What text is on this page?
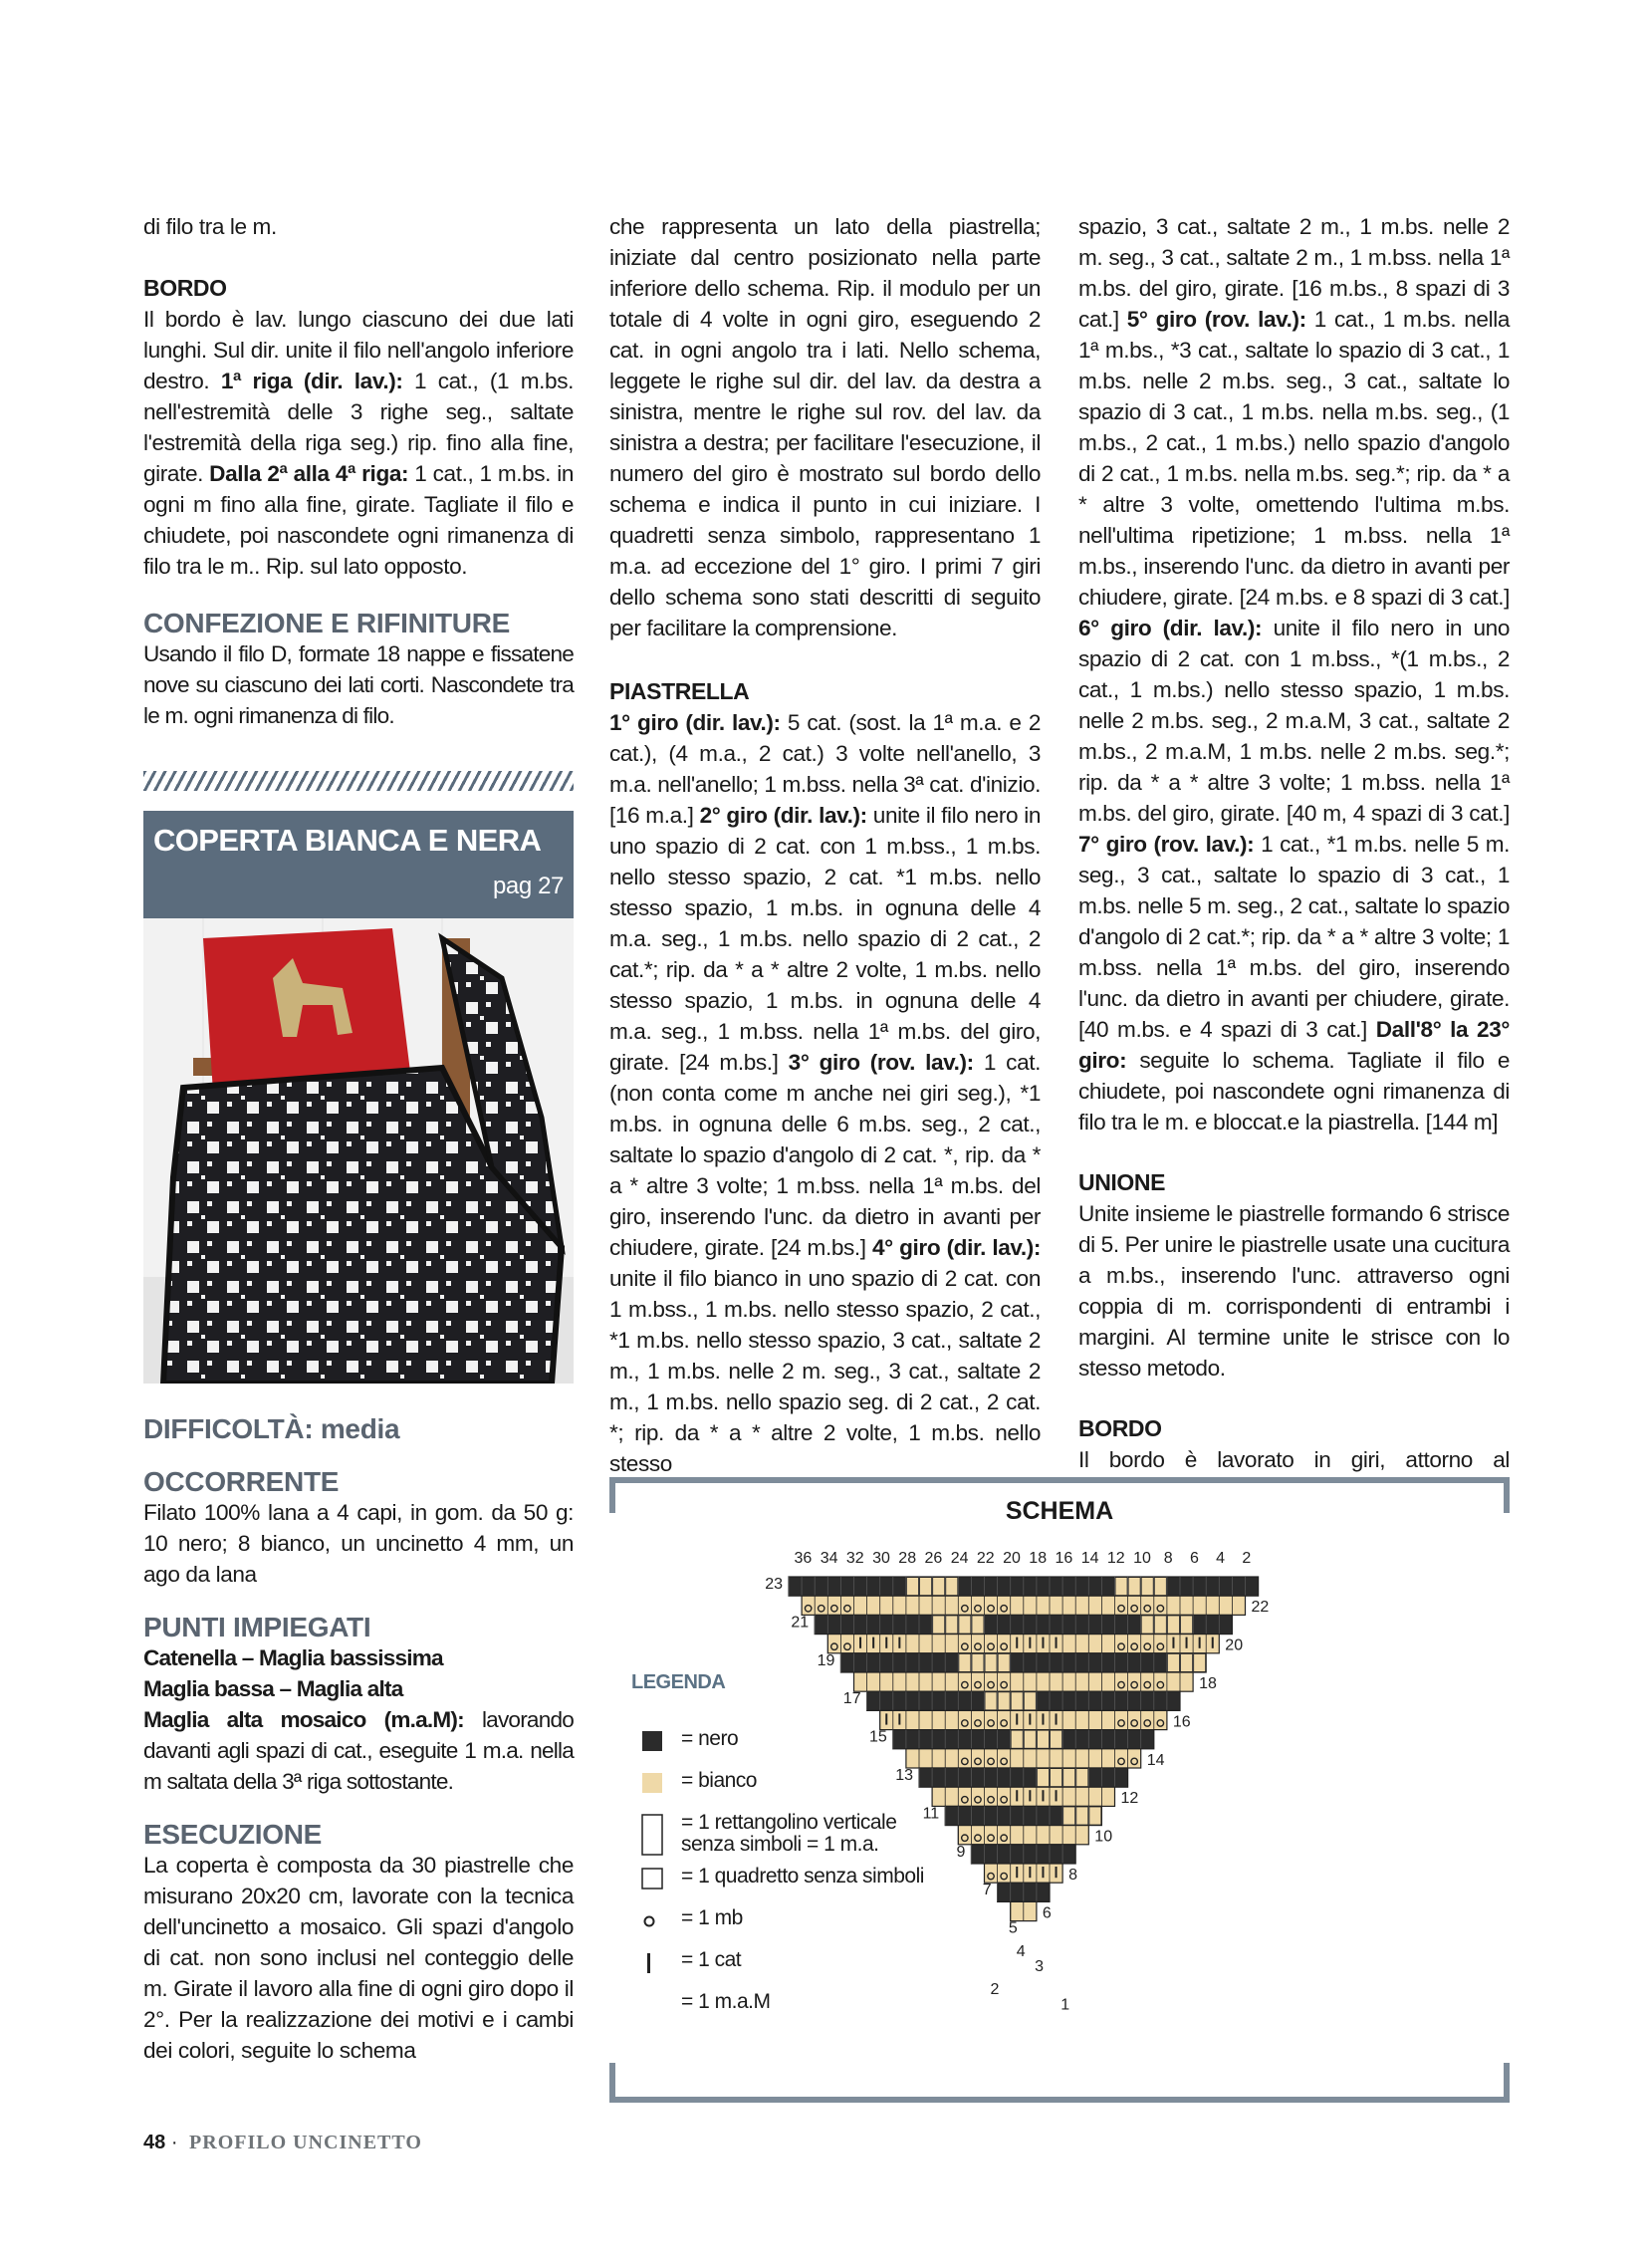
di filo tra le m.

BORDO

Il bordo è lav. lungo ciascuno dei due lati lunghi. Sul dir. unite il filo nell'angolo inferiore destro. 1ª riga (dir. lav.): 1 cat., (1 m.bs. nell'estremità delle 3 righe seg., saltate l'estremità della riga seg.) rip. fino alla fine, girate. Dalla 2ª alla 4ª riga: 1 cat., 1 m.bs. in ogni m fino alla fine, girate. Tagliate il filo e chiudete, poi nascondete ogni rimanenza di filo tra le m.. Rip. sul lato opposto.

CONFEZIONE E RIFINITURE

Usando il filo D, formate 18 nappe e fissatene nove su ciascuno dei lati corti. Nascondete tra le m. ogni rimanenza di filo.

COPERTA BIANCA E NERA
pag 27

DIFFICOLTÀ: media

OCCORRENTE

Filato 100% lana a 4 capi, in gom. da 50 g: 10 nero; 8 bianco, un uncinetto 4 mm, un ago da lana

PUNTI IMPIEGATI

Catenella – Maglia bassissima

Maglia bassa – Maglia alta

Maglia alta mosaico (m.a.M): lavorando davanti agli spazi di cat., eseguite 1 m.a. nella m saltata della 3ª riga sottostante.

ESECUZIONE

La coperta è composta da 30 piastrelle che misurano 20x20 cm, lavorate con la tecnica dell'uncinetto a mosaico. Gli spazi d'angolo di cat. non sono inclusi nel conteggio delle m. Girate il lavoro alla fine di ogni giro dopo il 2°. Per la realizzazione dei motivi e i cambi dei colori, seguite lo schema

che rappresenta un lato della piastrella; iniziate dal centro posizionato nella parte inferiore dello schema. Rip. il modulo per un totale di 4 volte in ogni giro, eseguendo 2 cat. in ogni angolo tra i lati. Nello schema, leggete le righe sul dir. del lav. da destra a sinistra, mentre le righe sul rov. del lav. da sinistra a destra; per facilitare l'esecuzione, il numero del giro è mostrato sul bordo dello schema e indica il punto in cui iniziare. I quadretti senza simbolo, rappresentano 1 m.a. ad eccezione del 1° giro. I primi 7 giri dello schema sono stati descritti di seguito per facilitare la comprensione.

PIASTRELLA

1° giro (dir. lav.): 5 cat. (sost. la 1ª m.a. e 2 cat.), (4 m.a., 2 cat.) 3 volte nell'anello, 3 m.a. nell'anello; 1 m.bss. nella 3ª cat. d'inizio. [16 m.a.] 2° giro (dir. lav.): unite il filo nero in uno spazio di 2 cat. con 1 m.bss., 1 m.bs. nello stesso spazio, 2 cat. *1 m.bs. nello stesso spazio, 1 m.bs. in ognuna delle 4 m.a. seg., 1 m.bs. nello spazio di 2 cat., 2 cat.*; rip. da * a * altre 2 volte, 1 m.bs. nello stesso spazio, 1 m.bs. in ognuna delle 4 m.a. seg., 1 m.bss. nella 1ª m.bs. del giro, girate. [24 m.bs.] 3° giro (rov. lav.): 1 cat. (non conta come m anche nei giri seg.), *1 m.bs. in ognuna delle 6 m.bs. seg., 2 cat., saltate lo spazio d'angolo di 2 cat. *, rip. da * a * altre 3 volte; 1 m.bss. nella 1ª m.bs. del giro, inserendo l'unc. da dietro in avanti per chiudere, girate. [24 m.bs.] 4° giro (dir. lav.): unite il filo bianco in uno spazio di 2 cat. con 1 m.bss., 1 m.bs. nello stesso spazio, 2 cat., *1 m.bs. nello stesso spazio, 3 cat., saltate 2 m., 1 m.bs. nelle 2 m. seg., 3 cat., saltate 2 m., 1 m.bs. nello spazio seg. di 2 cat., 2 cat. *; rip. da * a * altre 2 volte, 1 m.bs. nello stesso

spazio, 3 cat., saltate 2 m., 1 m.bs. nelle 2 m. seg., 3 cat., saltate 2 m., 1 m.bss. nella 1ª m.bs. del giro, girate. [16 m.bs., 8 spazi di 3 cat.] 5° giro (rov. lav.): 1 cat., 1 m.bs. nella 1ª m.bs., *3 cat., saltate lo spazio di 3 cat., 1 m.bs. nelle 2 m.bs. seg., 3 cat., saltate lo spazio di 3 cat., 1 m.bs. nella m.bs. seg., (1 m.bs., 2 cat., 1 m.bs.) nello spazio d'angolo di 2 cat., 1 m.bs. nella m.bs. seg.*; rip. da * a * altre 3 volte, omettendo l'ultima m.bs. nell'ultima ripetizione; 1 m.bss. nella 1ª m.bs., inserendo l'unc. da dietro in avanti per chiudere, girate. [24 m.bs. e 8 spazi di 3 cat.] 6° giro (dir. lav.): unite il filo nero in uno spazio di 2 cat. con 1 m.bss., *(1 m.bs., 2 cat., 1 m.bs.) nello stesso spazio, 1 m.bs. nelle 2 m.bs. seg., 2 m.a.M, 3 cat., saltate 2 m.bs., 2 m.a.M, 1 m.bs. nelle 2 m.bs. seg.*; rip. da * a * altre 3 volte; 1 m.bss. nella 1ª m.bs. del giro, girate. [40 m, 4 spazi di 3 cat.] 7° giro (rov. lav.): 1 cat., *1 m.bs. nelle 5 m. seg., 3 cat., saltate lo spazio di 3 cat., 1 m.bs. nelle 5 m. seg., 2 cat., saltate lo spazio d'angolo di 2 cat.*; rip. da * a * altre 3 volte; 1 m.bss. nella 1ª m.bs. del giro, inserendo l'unc. da dietro in avanti per chiudere, girate. [40 m.bs. e 4 spazi di 3 cat.] Dall'8° la 23° giro: seguite lo schema. Tagliate il filo e chiudete, poi nascondete ogni rimanenza di filo tra le m. e bloccat.e la piastrella. [144 m]

UNIONE

Unite insieme le piastrelle formando 6 strisce di 5. Per unire le piastrelle usate una cucitura a m.bs., inserendo l'unc. attraverso ogni coppia di m. corrispondenti di entrambi i margini. Al termine unite le strisce con lo stesso metodo.

BORDO

Il bordo è lavorato in giri, attorno al

SCHEMA
36 34 32 30 28 26 24 22 20 18 16 14 12 10 8 6 4 2
23
21
19
17
15
13
11
9
7
5
3
1
22
20
18
16
14
12
10
8
6
4
2
LEGENDA
= nero
= bianco
= 1 rettangolino verticale senza simboli = 1 m.a.
= 1 quadretto senza simboli
= 1 mb
= 1 cat
= 1 m.a.M
48 · PROFILO UNCINETTO
